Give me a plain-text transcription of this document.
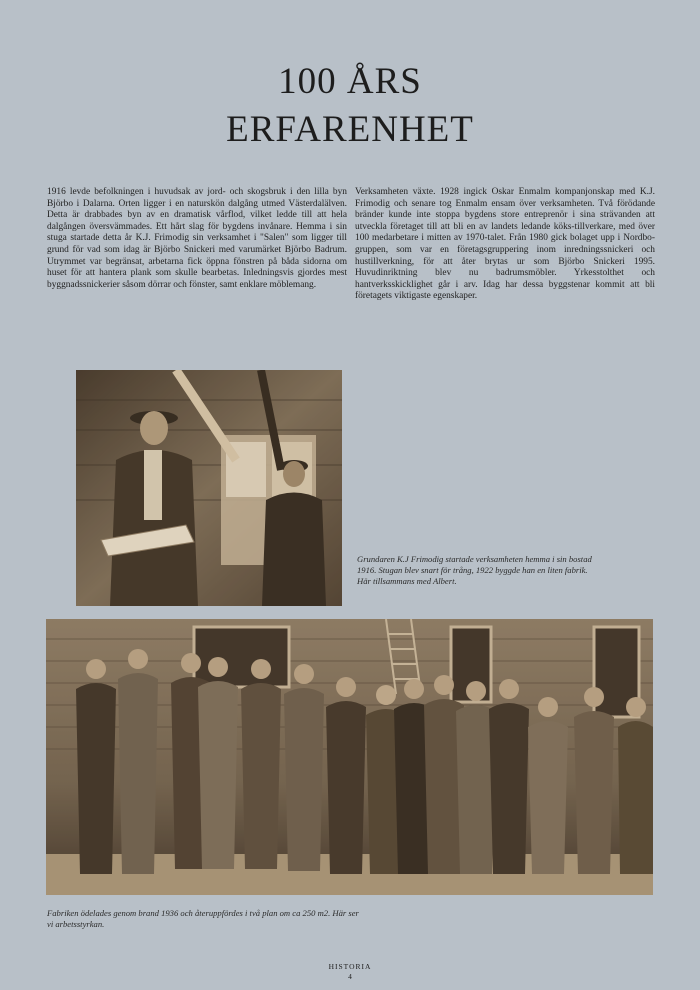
100 ÅRS
ERFARENHET

1916 levde befolkningen i huvudsak av jord- och skogsbruk i den lilla byn Björbo i Dalarna. Orten ligger i en naturskön dalgång utmed Västerdalälven. Detta är drabbades byn av en dramatisk vårflod, vilket ledde till att hela dalgången översvämmades. Ett hårt slag för bygdens invånare. Hemma i sin stuga startade detta år K.J. Frimodig sin verksamhet i "Salen" som ligger till grund för vad som idag är Björbo Snickeri med varumärket Björbo Badrum. Utrymmet var begränsat, arbetarna fick öppna fönstren på båda sidorna om huset för att hantera plank som skulle bearbetas. Inledningsvis gjordes mest byggnadssnickerier såsom dörrar och fönster, samt enklare möblemang.

Verksamheten växte. 1928 ingick Oskar Enmalm kompanjonskap med K.J. Frimodig och senare tog Enmalm ensam över verksamheten. Två förödande bränder kunde inte stoppa bygdens store entreprenör i sina strävanden att utveckla företaget till att bli en av landets ledande köks-tillverkare, med över 100 medarbetare i mitten av 1970-talet. Från 1980 gick bolaget upp i Nordbo-gruppen, som var en företagsgruppering inom inredningssnickeri och hustillverkning, för att åter brytas ur som Björbo Snickeri 1995. Huvudinriktning blev nu badrumsmöbler. Yrkesstolthet och hantverksskicklighet går i arv. Idag har dessa byggstenar kommit att bli företagets viktigaste egenskaper.

Grundaren K.J Frimodig startade verksamheten hemma i sin bostad 1916. Stugan blev snart för trång, 1922 byggde han en liten fabrik. Här tillsammans med Albert.

Fabriken ödelades genom brand 1936 och återuppfördes i två plan om ca 250 m2. Här ser vi arbetsstyrkan.

HISTORIA
4
